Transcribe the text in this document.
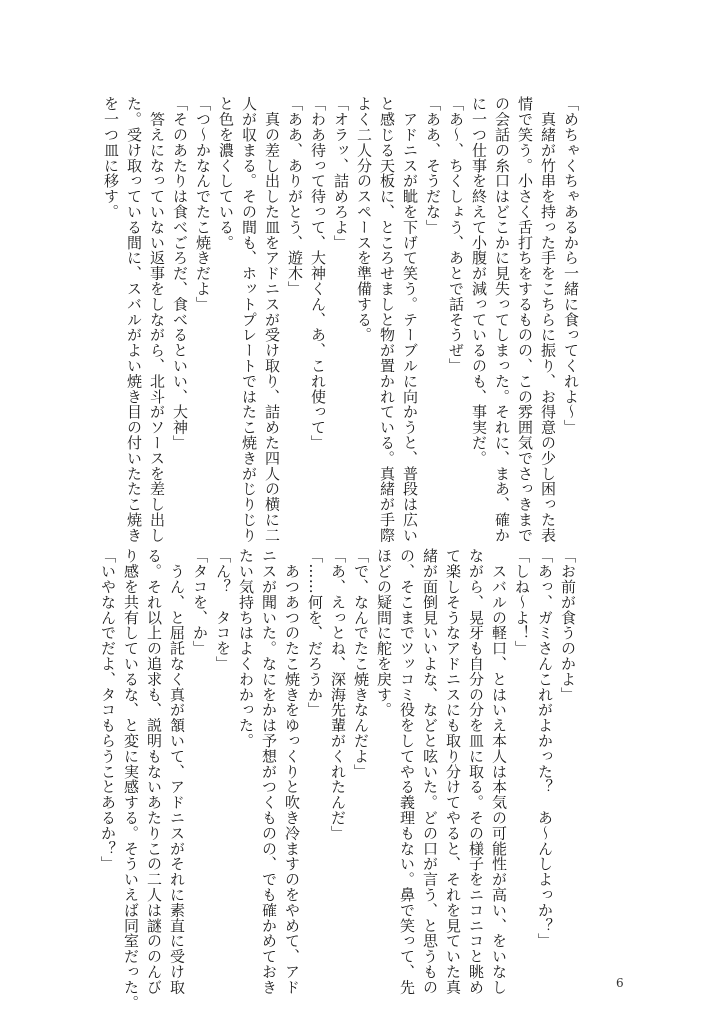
「めちゃくちゃあるから一緒に食ってくれよ〜」
　真緒が竹串を持った手をこちらに振り、お得意の少し困った表
情で笑う。小さく舌打ちをするものの、この雰囲気でさっきまで
の会話の糸口はどこかに見失ってしまった。それに、まあ、確か
に一つ仕事を終えて小腹が減っているのも、事実だ。
「あ〜、ちくしょう、あとで話そうぜ」
「ああ、そうだな」
　アドニスが眦を下げて笑う。テーブルに向かうと、普段は広い
と感じる天板に、ところせましと物が置かれている。真緒が手際
よく二人分のスペースを準備する。
「オラッ、詰めろよ」
「わあ待って待って、大神くん、あ、これ使って」
「ああ、ありがとう、遊木」
　真の差し出した皿をアドニスが受け取り、詰めた四人の横に二
人が収まる。その間も、ホットプレートではたこ焼きがじりじり
と色を濃くしている。
「つ〜かなんでたこ焼きだよ」
「そのあたりは食べごろだ、食べるといい、大神」
　答えになっていない返事をしながら、北斗がソースを差し出し
た。受け取っている間に、スバルがよい焼き目の付いたたこ焼き
を一つ皿に移す。
「お前が食うのかよ」
「あっ、ガミさんこれがよかった？　あ〜んしよっか？」
「しね〜よ！」
　スバルの軽口、とはいえ本人は本気の可能性が高い、をいなし
ながら、晃牙も自分の分を皿に取る。その様子をニコニコと眺め
て楽しそうなアドニスにも取り分けてやると、それを見ていた真
緒が面倒見いいよな、などと呟いた。どの口が言う、と思うもの
の、そこまでツッコミ役をしてやる義理もない。鼻で笑って、先
ほどの疑問に舵を戻す。
「で、なんでたこ焼きなんだよ」
「あ、えっとね、深海先輩がくれたんだ」
「……何を、だろうか」
　あつあつのたこ焼きをゆっくりと吹き冷ますのをやめて、アド
ニスが聞いた。なにをかは予想がつくものの、でも確かめておき
たい気持ちはよくわかった。
「ん？　タコを」
「タコを、か」
　うん、と屈託なく真が頷いて、アドニスがそれに素直に受け取
る。それ以上の追求も、説明もないあたりこの二人は謎ののんび
り感を共有しているな、と変に実感する。そういえば同室だった。
「いやなんでだよ、タコもらうことあるか？」
6
